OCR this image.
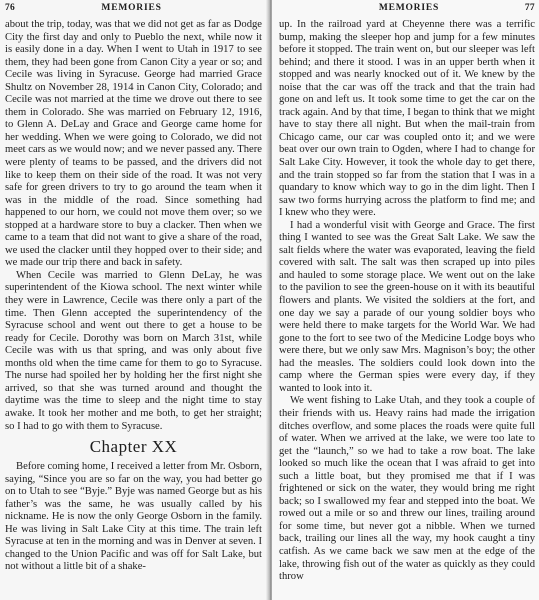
76	MEMORIES

about the trip, today, was that we did not get as far as Dodge City the first day and only to Pueblo the next, while now it is easily done in a day. When I went to Utah in 1917 to see them, they had been gone from Canon City a year or so; and Cecile was living in Syracuse. George had married Grace Shultz on November 28, 1914 in Canon City, Colorado; and Cecile was not married at the time we drove out there to see them in Colorado. She was married on February 12, 1916, to Glenn A. DeLay and Grace and George came home for her wedding. When we were going to Colorado, we did not meet cars as we would now; and we never passed any. There were plenty of teams to be passed, and the drivers did not like to keep them on their side of the road. It was not very safe for green drivers to try to go around the team when it was in the middle of the road. Since something had happened to our horn, we could not move them over; so we stopped at a hardware store to buy a clacker. Then when we came to a team that did not want to give a share of the road, we used the clacker until they hopped over to their side; and we made our trip there and back in safety.

When Cecile was married to Glenn DeLay, he was superintendent of the Kiowa school. The next winter while they were in Lawrence, Cecile was there only a part of the time. Then Glenn accepted the superintendency of the Syracuse school and went out there to get a house to be ready for Cecile. Dorothy was born on March 31st, while Cecile was with us that spring, and was only about five months old when the time came for them to go to Syracuse. The nurse had spoiled her by holding her the first night she arrived, so that she was turned around and thought the daytime was the time to sleep and the night time to stay awake. It took her mother and me both, to get her straight; so I had to go with them to Syracuse.

Chapter XX

Before coming home, I received a letter from Mr. Osborn, saying, “Since you are so far on the way, you had better go on to Utah to see “Byje.” Byje was named George but as his father’s was the same, he was usually called by his nickname. He is now the only George Osborn in the family. He was living in Salt Lake City at this time. The train left Syracuse at ten in the morning and was in Denver at seven. I changed to the Union Pacific and was off for Salt Lake, but not without a little bit of a shake-

MEMORIES	77

up. In the railroad yard at Cheyenne there was a terrific bump, making the sleeper hop and jump for a few minutes before it stopped. The train went on, but our sleeper was left behind; and there it stood. I was in an upper berth when it stopped and was nearly knocked out of it. We knew by the noise that the car was off the track and that the train had gone on and left us. It took some time to get the car on the track again. And by that time, I began to think that we might have to stay there all night. But when the mail-train from Chicago came, our car was coupled onto it; and we were beat over our own train to Ogden, where I had to change for Salt Lake City. However, it took the whole day to get there, and the train stopped so far from the station that I was in a quandary to know which way to go in the dim light. Then I saw two forms hurrying across the platform to find me; and I knew who they were.

I had a wonderful visit with George and Grace. The first thing I wanted to see was the Great Salt Lake. We saw the salt fields where the water was evaporated, leaving the field covered with salt. The salt was then scraped up into piles and hauled to some storage place. We went out on the lake to the pavilion to see the green-house on it with its beautiful flowers and plants. We visited the soldiers at the fort, and one day we say a parade of our young soldier boys who were held there to make targets for the World War. We had gone to the fort to see two of the Medicine Lodge boys who were there, but we only saw Mrs. Magnison’s boy; the other had the measles. The soldiers could look down into the camp where the German spies were every day, if they wanted to look into it.

We went fishing to Lake Utah, and they took a couple of their friends with us. Heavy rains had made the irrigation ditches overflow, and some places the roads were quite full of water. When we arrived at the lake, we were too late to get the “launch,” so we had to take a row boat. The lake looked so much like the ocean that I was afraid to get into such a little boat, but they promised me that if I was frightened or sick on the water, they would bring me right back; so I swallowed my fear and stepped into the boat. We rowed out a mile or so and threw our lines, trailing around for some time, but never got a nibble. When we turned back, trailing our lines all the way, my hook caught a tiny catfish. As we came back we saw men at the edge of the lake, throwing fish out of the water as quickly as they could throw
